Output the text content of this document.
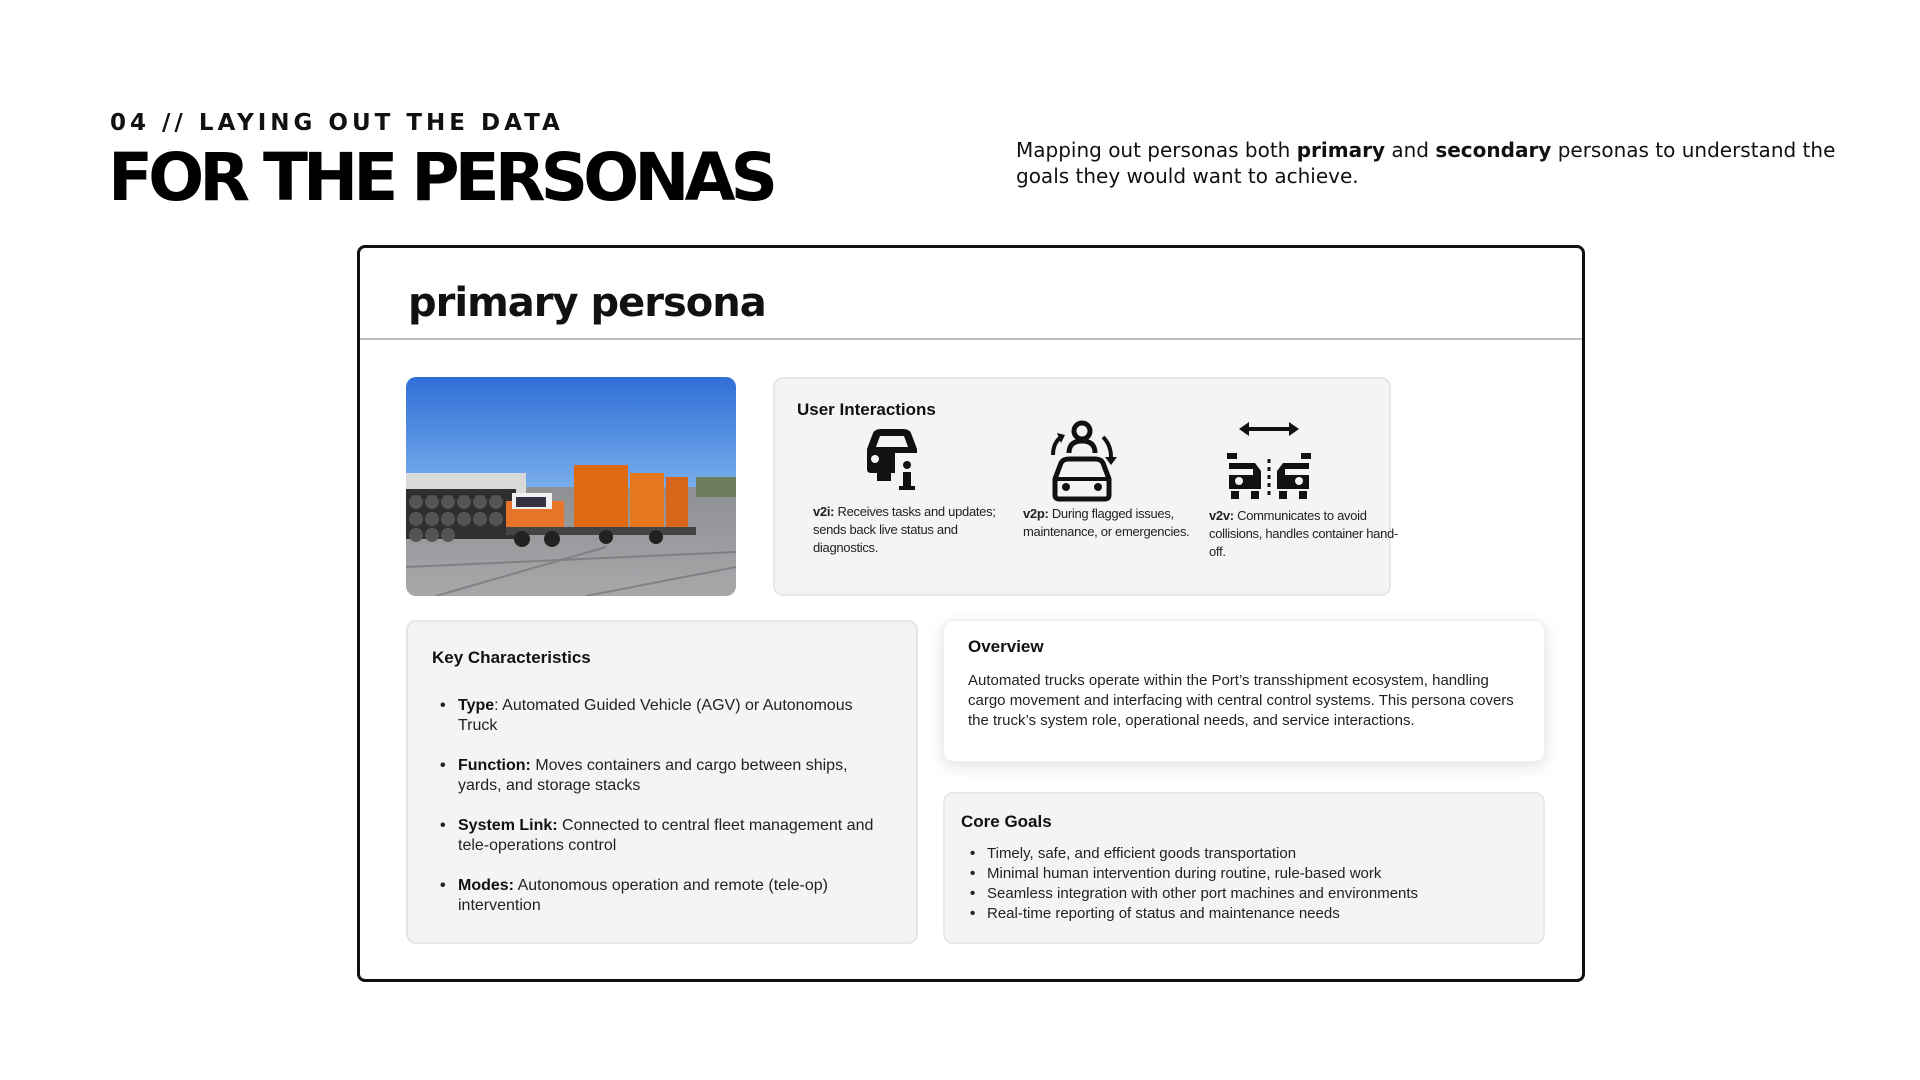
04 // LAYING OUT THE DATA
FOR THE PERSONAS	Mapping out personas both primary and secondary personas to understand the goals they would want to achieve.

primary persona
User Interactions
v2i: Receives tasks and updates; sends back live status and diagnostics.
v2p: During flagged issues, maintenance, or emergencies.
v2v: Communicates to avoid collisions, handles container hand-off.
Key Characteristics
• Type: Automated Guided Vehicle (AGV) or Autonomous Truck
• Function: Moves containers and cargo between ships, yards, and storage stacks
• System Link: Connected to central fleet management and tele-operations control
• Modes: Autonomous operation and remote (tele-op) intervention
Overview

Automated trucks operate within the Port’s transshipment ecosystem, handling cargo movement and interfacing with central control systems. This persona covers the truck’s system role, operational needs, and service interactions.

Core Goals
• Timely, safe, and efficient goods transportation
• Minimal human intervention during routine, rule-based work
• Seamless integration with other port machines and environments
• Real-time reporting of status and maintenance needs
